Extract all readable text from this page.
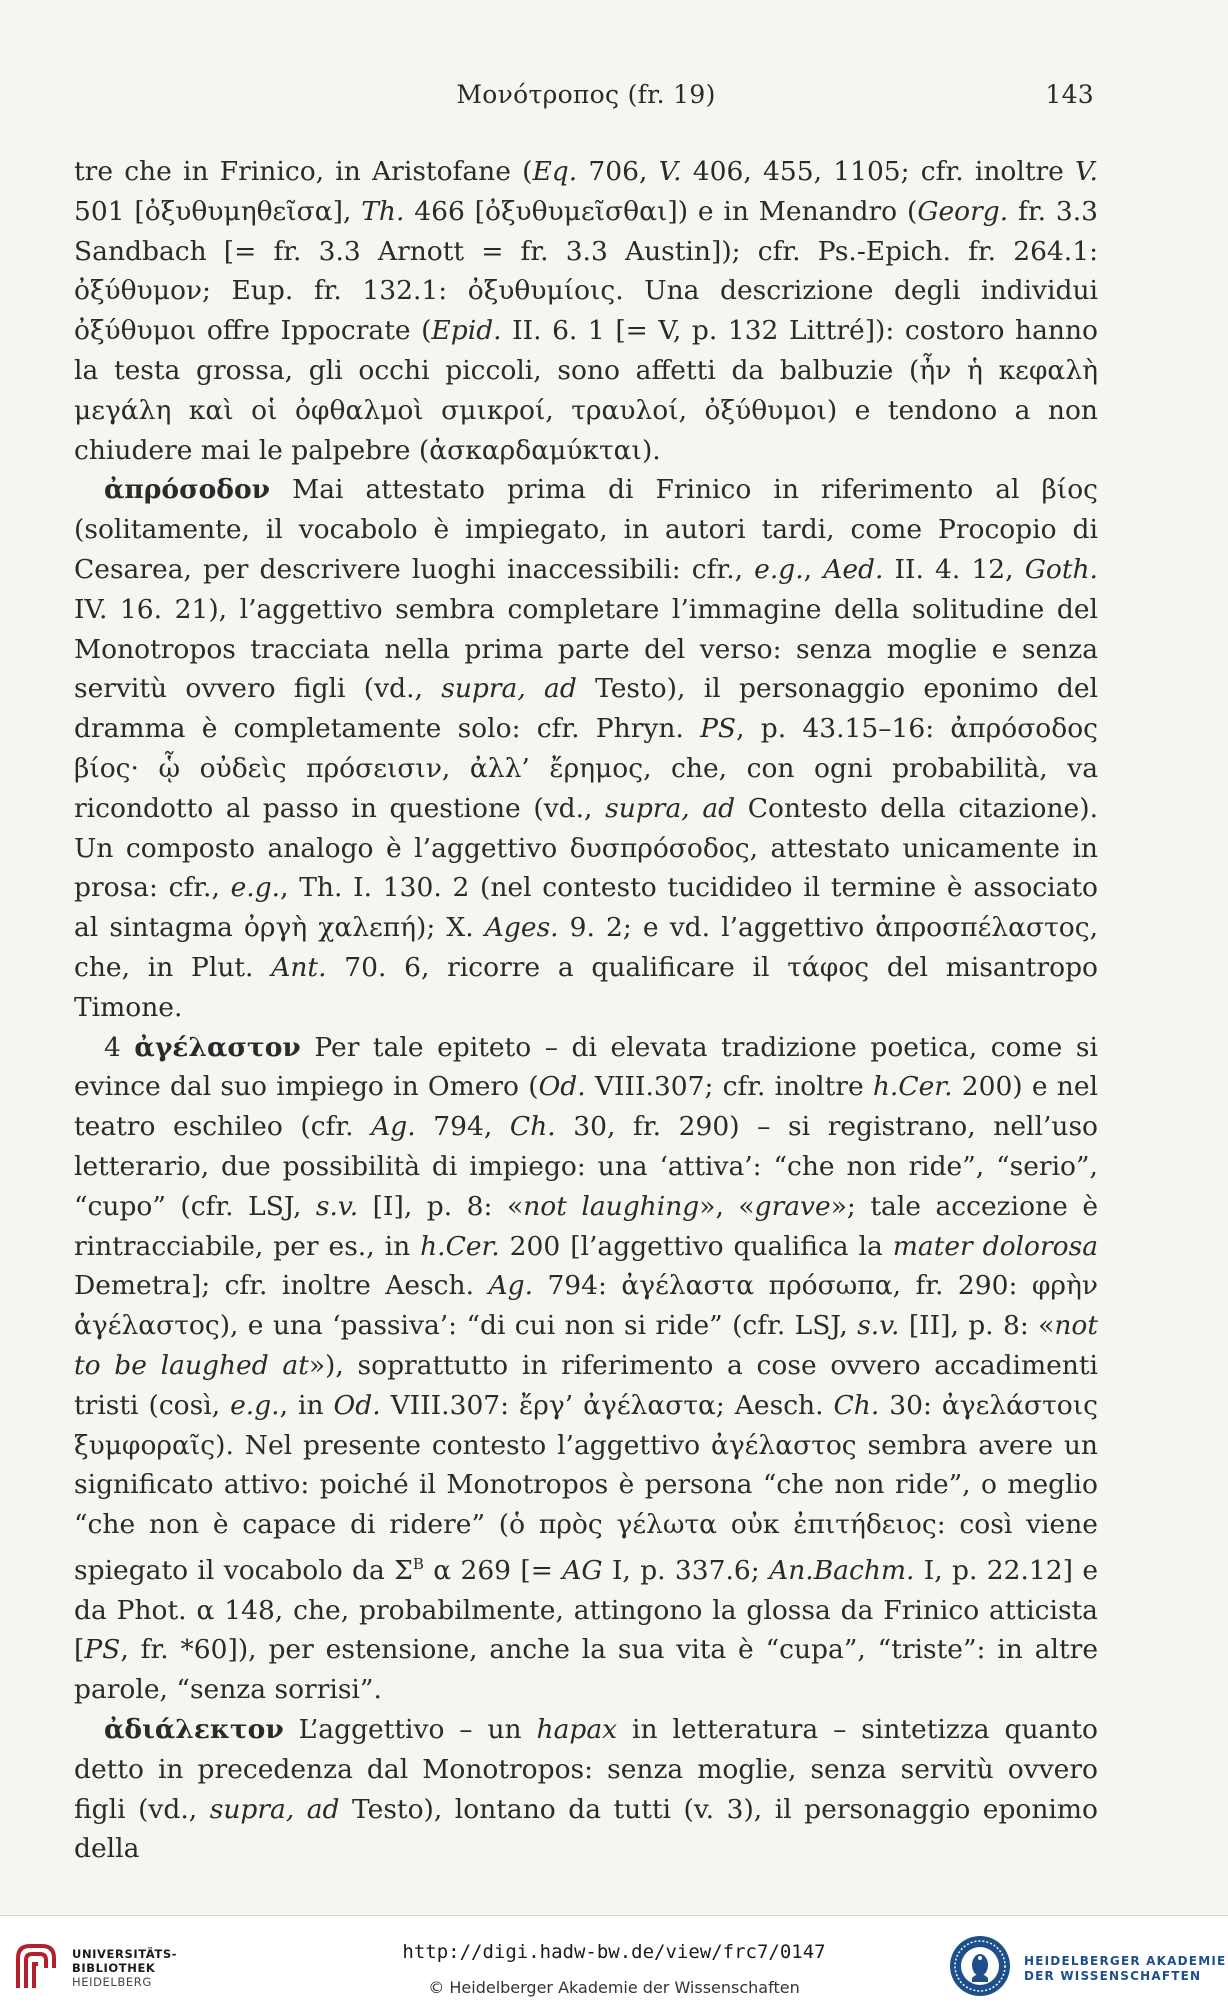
Μονότροπος (fr. 19)	143

tre che in Frinico, in Aristofane (Eq. 706, V. 406, 455, 1105; cfr. inoltre V. 501 [ὀξυθυμηθεῖσα], Th. 466 [ὀξυθυμεῖσθαι]) e in Menandro (Georg. fr. 3.3 Sandbach [= fr. 3.3 Arnott = fr. 3.3 Austin]); cfr. Ps.-Epich. fr. 264.1: ὀξύθυμον; Eup. fr. 132.1: ὀξυθυμίοις. Una descrizione degli individui ὀξύθυμοι offre Ippocrate (Epid. II. 6. 1 [= V, p. 132 Littré]): costoro hanno la testa grossa, gli occhi piccoli, sono affetti da balbuzie (ἦν ἡ κεφαλὴ μεγάλη καὶ οἱ ὀφθαλμοὶ σμικροί, τραυλοί, ὀξύθυμοι) e tendono a non chiudere mai le palpebre (ἀσκαρδαμύκται).

ἀπρόσοδον Mai attestato prima di Frinico in riferimento al βίος (solitamente, il vocabolo è impiegato, in autori tardi, come Procopio di Cesarea, per descrivere luoghi inaccessibili: cfr., e.g., Aed. II. 4. 12, Goth. IV. 16. 21), l’aggettivo sembra completare l’immagine della solitudine del Monotropos tracciata nella prima parte del verso: senza moglie e senza servitù ovvero figli (vd., supra, ad Testo), il personaggio eponimo del dramma è completamente solo: cfr. Phryn. PS, p. 43.15–16: ἀπρόσοδος βίος· ᾧ οὐδεὶς πρόσεισιν, ἀλλ’ ἔρημος, che, con ogni probabilità, va ricondotto al passo in questione (vd., supra, ad Contesto della citazione). Un composto analogo è l’aggettivo δυσπρόσοδος, attestato unicamente in prosa: cfr., e.g., Th. I. 130. 2 (nel contesto tucidideo il termine è associato al sintagma ὀργὴ χαλεπή); X. Ages. 9. 2; e vd. l’aggettivo ἀπροσπέλαστος, che, in Plut. Ant. 70. 6, ricorre a qualificare il τάφος del misantropo Timone.

4 ἀγέλαστον Per tale epiteto – di elevata tradizione poetica, come si evince dal suo impiego in Omero (Od. VIII.307; cfr. inoltre h.Cer. 200) e nel teatro eschileo (cfr. Ag. 794, Ch. 30, fr. 290) – si registrano, nell’uso letterario, due possibilità di impiego: una ‘attiva’: “che non ride”, “serio”, “cupo” (cfr. LSJ, s.v. [I], p. 8: «not laughing», «grave»; tale accezione è rintracciabile, per es., in h.Cer. 200 [l’aggettivo qualifica la mater dolorosa Demetra]; cfr. inoltre Aesch. Ag. 794: ἀγέλαστα πρόσωπα, fr. 290: φρὴν ἀγέλαστος), e una ‘passiva’: “di cui non si ride” (cfr. LSJ, s.v. [II], p. 8: «not to be laughed at»), soprattutto in riferimento a cose ovvero accadimenti tristi (così, e.g., in Od. VIII.307: ἔργ’ ἀγέλαστα; Aesch. Ch. 30: ἀγελάστοις ξυμφοραῖς). Nel presente contesto l’aggettivo ἀγέλαστος sembra avere un significato attivo: poiché il Monotropos è persona “che non ride”, o meglio “che non è capace di ridere” (ὁ πρὸς γέλωτα οὐκ ἐπιτήδειος: così viene spiegato il vocabolo da $\Sigma^B$ α 269 [= AG I, p. 337.6; An.Bachm. I, p. 22.12] e da Phot. α 148, che, probabilmente, attingono la glossa da Frinico atticista [PS, fr. *60]), per estensione, anche la sua vita è “cupa”, “triste”: in altre parole, “senza sorrisi”.

ἀδιάλεκτον L’aggettivo – un hapax in letteratura – sintetizza quanto detto in precedenza dal Monotropos: senza moglie, senza servitù ovvero figli (vd., supra, ad Testo), lontano da tutti (v. 3), il personaggio eponimo della

UNIVERSITÄTS-
BIBLIOTHEK
HEIDELBERG
http://digi.hadw-bw.de/view/frc7/0147
© Heidelberger Akademie der Wissenschaften
HEIDELBERGER AKADEMIE
DER WISSENSCHAFTEN
